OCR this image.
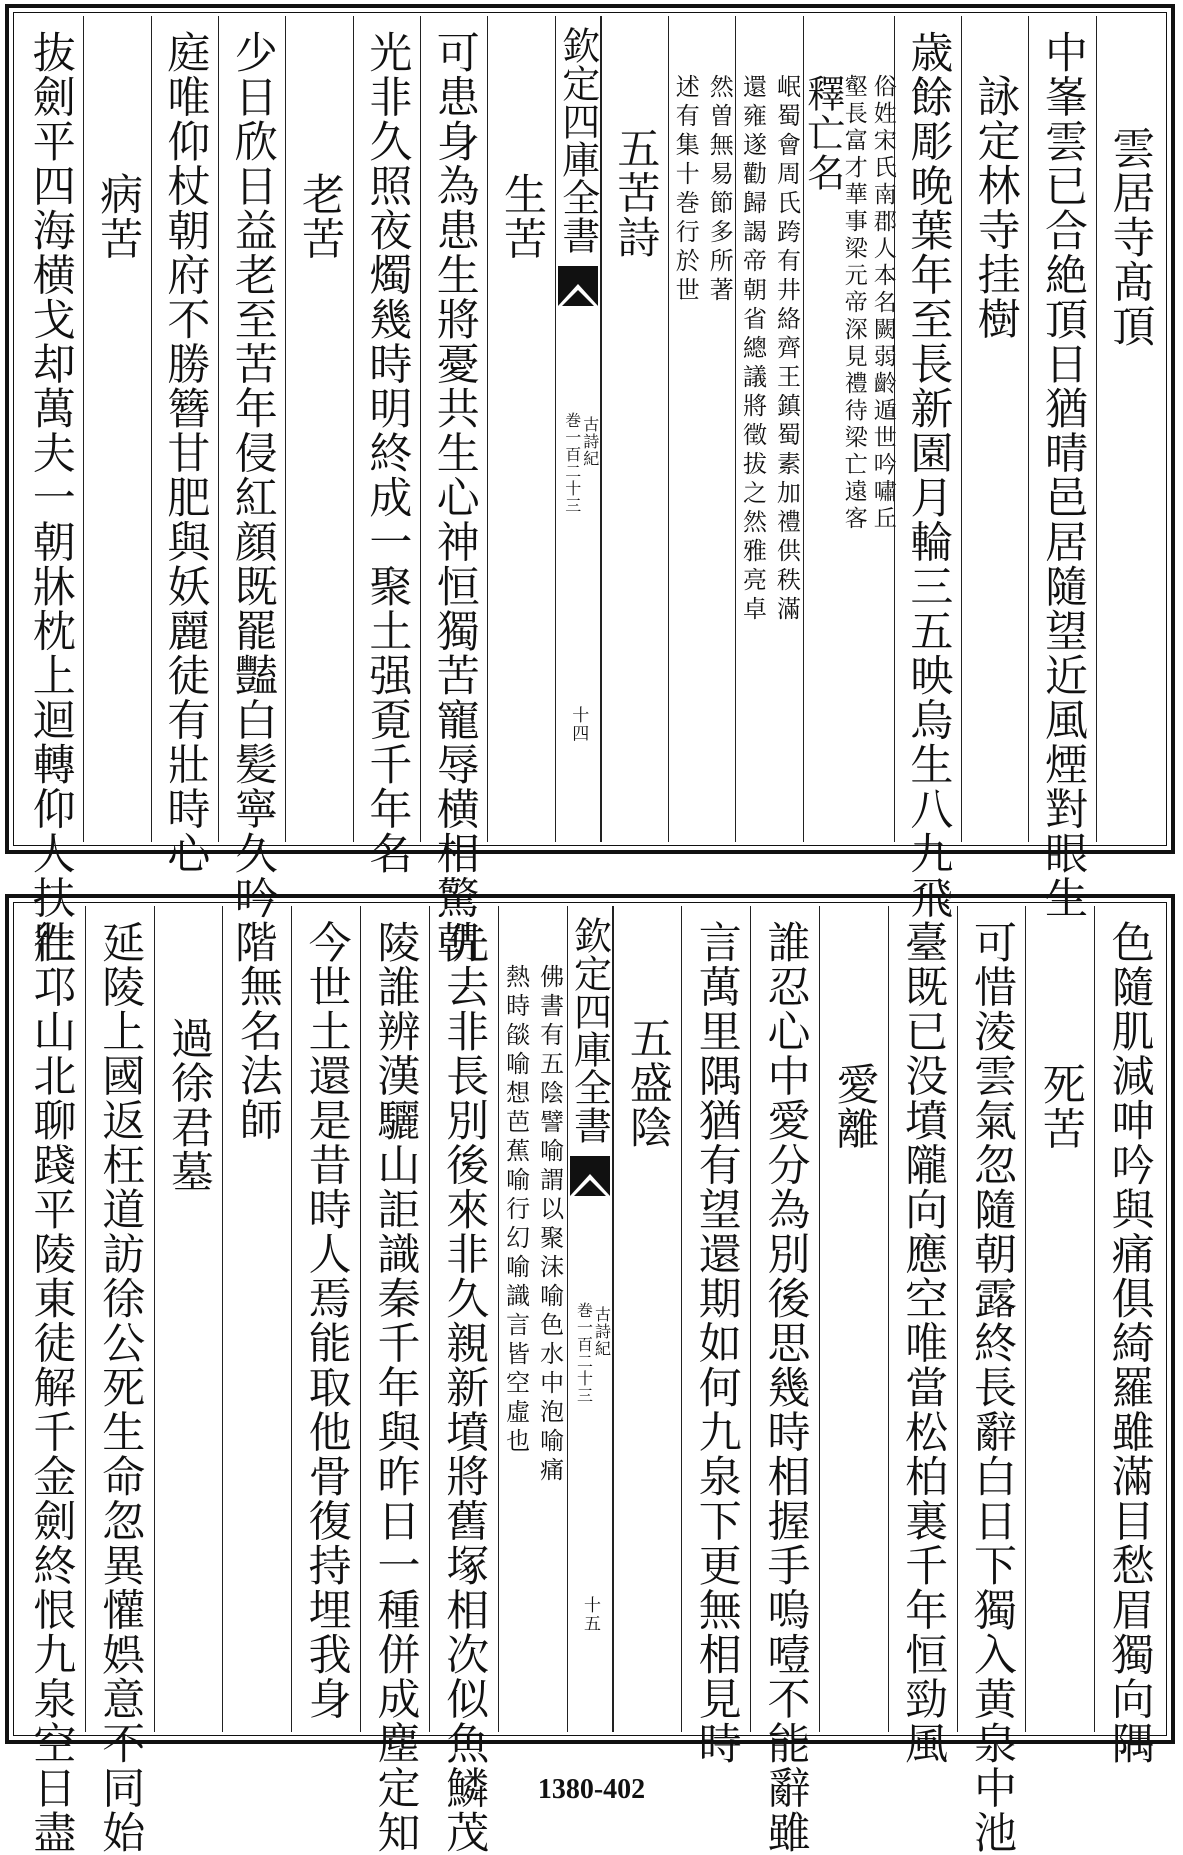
雲居寺髙頂
中峯雲已合絶頂日猶晴邑居隨望近風煙對眼生
詠定林寺挂樹
歳餘彫晚葉年至長新園月輪三五映烏生八九飛
釋亡名 俗姓宋氏南郡人本名闕弱齡遁世吟嘯丘
壑長富才華事梁元帝深見禮待梁亡遠客
岷蜀會周氏跨有井絡齊王鎮蜀素加禮供秩滿
還雍遂勸歸謁帝朝省總議將徵拔之然雅亮卓
然曽無易節多所著
述有集十巻行於世
五苦詩
欽定四庫全書
古詩紀
巻一百二十三
十四
生苦
可患身為患生將憂共生心神恒獨苦寵辱横相驚朝
光非久照夜燭幾時明終成一聚土强覔千年名
老苦
少日欣日益老至苦年侵紅顔既罷豔白髪寧久吟階
庭唯仰杖朝府不勝簪甘肥與妖麗徒有壯時心
病苦
抜劍平四海横戈却萬夫一朝牀枕上迴轉仰人扶壯
色隨肌減呻吟與痛俱綺羅雖滿目愁眉獨向隅
死苦
可惜淩雲氣忽隨朝露終長辭白日下獨入黄泉中池
臺既已没墳隴向應空唯當松柏裏千年恒勁風
愛離
誰忍心中愛分為別後思幾時相握手嗚噎不能辭雖
言萬里隅猶有望還期如何九泉下更無相見時
五盛陰
欽定四庫全書
古詩紀
巻一百二十三
十五
佛書有五陰譬喻謂以聚沫喻色水中泡喻痛
熱時燄喻想芭蕉喻行幻喻識言皆空虛也
先去非長別後來非久親新墳將舊塚相次似魚鱗茂
陵誰辨漢驪山詎識秦千年與昨日一種併成塵定知
今世土還是昔時人焉能取他骨復持埋我身
無名法師
過徐君墓
延陵上國返枉道訪徐公死生命忽異懽娯意不同始
徃邛山北聊踐平陵東徒解千金劍終恨九泉空日盡	1380-402
